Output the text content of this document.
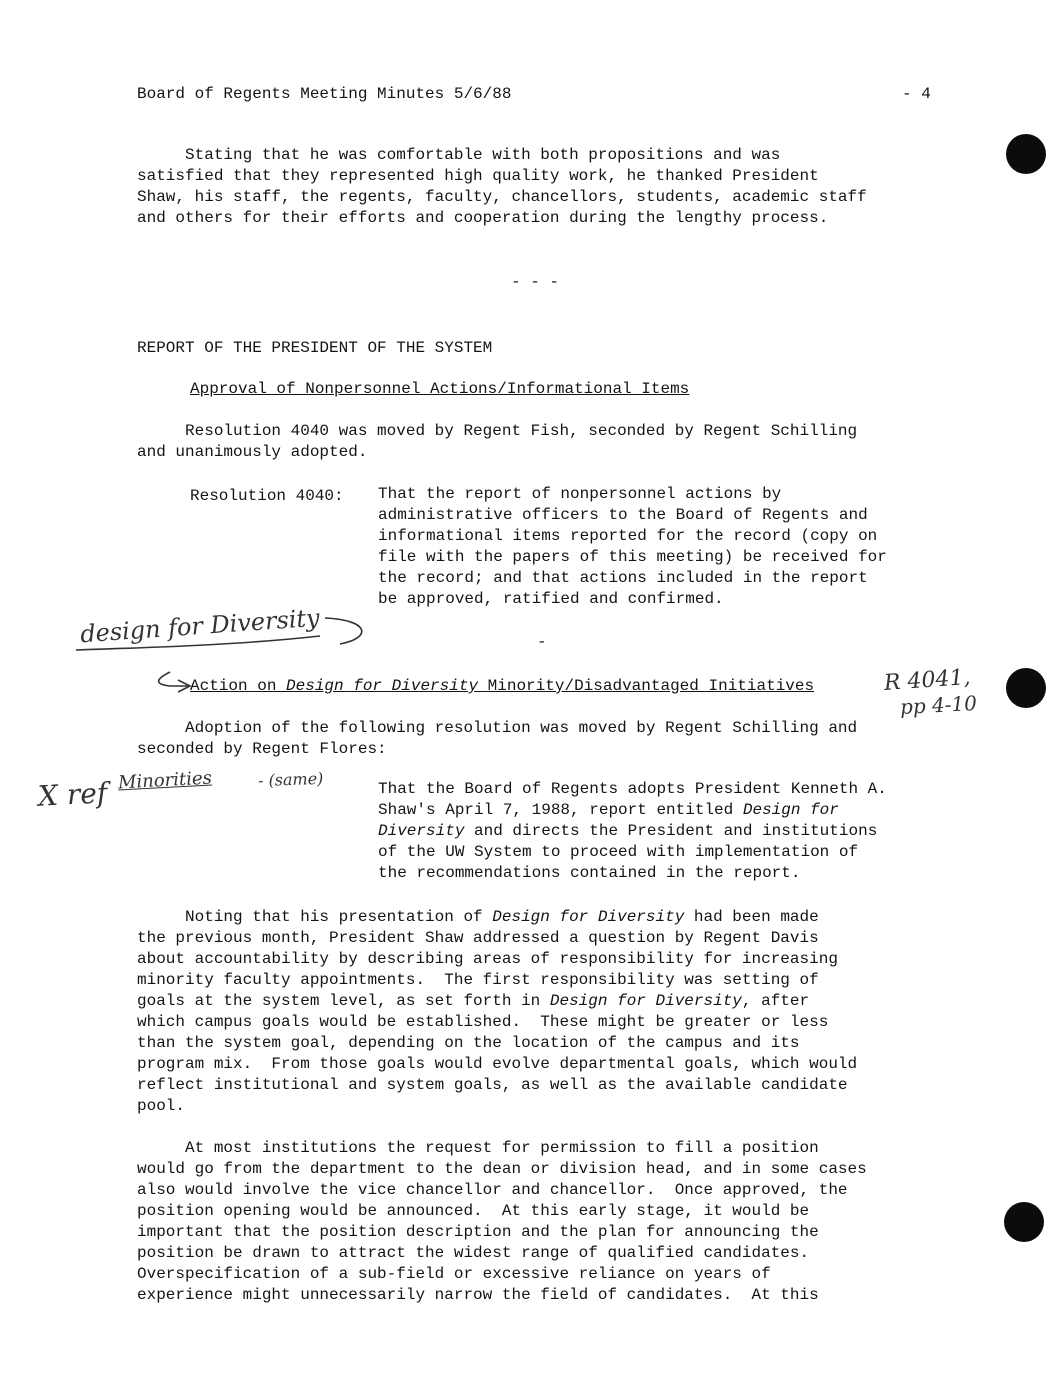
Board of Regents Meeting Minutes 5/6/88	- 4
Stating that he was comfortable with both propositions and was
satisfied that they represented high quality work, he thanked President
Shaw, his staff, the regents, faculty, chancellors, students, academic staff
and others for their efforts and cooperation during the lengthy process.
- - -
REPORT OF THE PRESIDENT OF THE SYSTEM
Approval of Nonpersonnel Actions/Informational Items
Resolution 4040 was moved by Regent Fish, seconded by Regent Schilling
and unanimously adopted.
Resolution 4040: That the report of nonpersonnel actions by
administrative officers to the Board of Regents and
informational items reported for the record (copy on
file with the papers of this meeting) be received for
the record; and that actions included in the report
be approved, ratified and confirmed.
design for Diversity	-
Action on Design for Diversity Minority/Disadvantaged Initiatives	R 4041,
pp 4-10
Adoption of the following resolution was moved by Regent Schilling and
seconded by Regent Flores:
X ref Minorities	- (same)	That the Board of Regents adopts President Kenneth A.
Shaw's April 7, 1988, report entitled Design for
Diversity and directs the President and institutions
of the UW System to proceed with implementation of
the recommendations contained in the report.
Noting that his presentation of Design for Diversity had been made
the previous month, President Shaw addressed a question by Regent Davis
about accountability by describing areas of responsibility for increasing
minority faculty appointments.  The first responsibility was setting of
goals at the system level, as set forth in Design for Diversity, after
which campus goals would be established.  These might be greater or less
than the system goal, depending on the location of the campus and its
program mix.  From those goals would evolve departmental goals, which would
reflect institutional and system goals, as well as the available candidate
pool.
At most institutions the request for permission to fill a position
would go from the department to the dean or division head, and in some cases
also would involve the vice chancellor and chancellor.  Once approved, the
position opening would be announced.  At this early stage, it would be
important that the position description and the plan for announcing the
position be drawn to attract the widest range of qualified candidates.
Overspecification of a sub-field or excessive reliance on years of
experience might unnecessarily narrow the field of candidates.  At this
